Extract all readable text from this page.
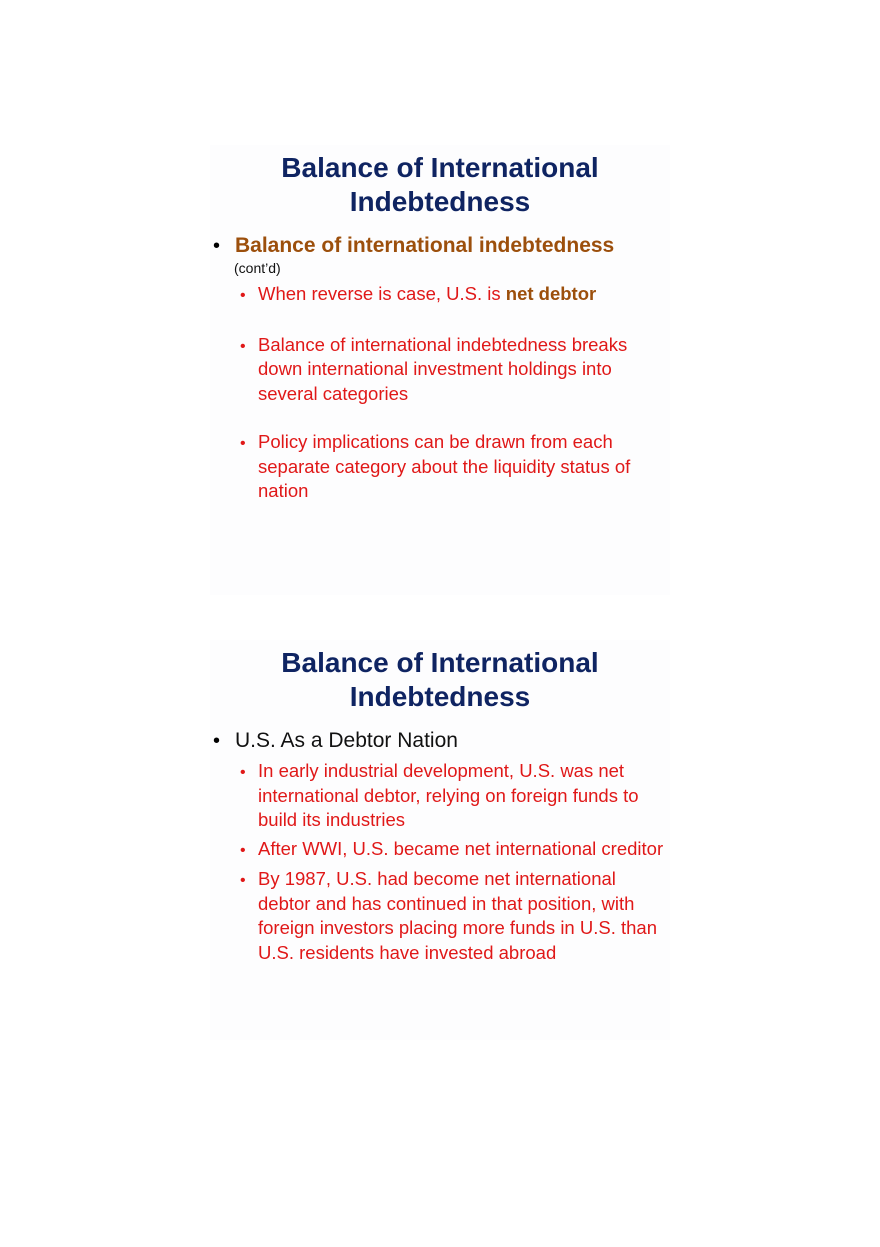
Balance of International
Indebtedness
• Balance of international indebtedness
(cont’d)
• When reverse is case, U.S. is net debtor
• Balance of international indebtedness breaks down international investment holdings into several categories
• Policy implications can be drawn from each separate category about the liquidity status of nation
Balance of International
Indebtedness
• U.S. As a Debtor Nation
• In early industrial development, U.S. was net international debtor, relying on foreign funds to build its industries
• After WWI, U.S. became net international creditor
• By 1987, U.S. had become net international debtor and has continued in that position, with foreign investors placing more funds in U.S. than U.S. residents have invested abroad
